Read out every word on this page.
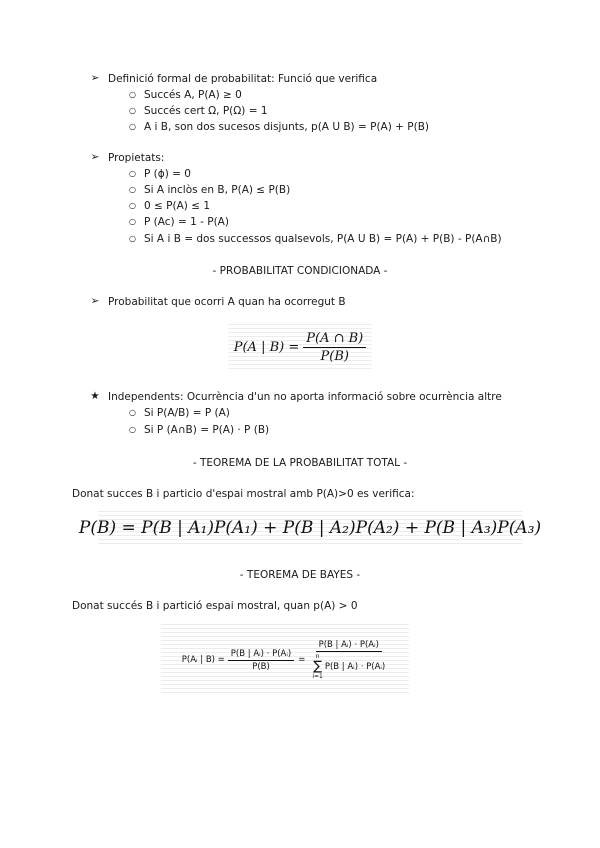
➢ Definició formal de probabilitat: Funció que verifica
○ Succés A, P(A) ≥ 0
○ Succés cert Ω, P(Ω) = 1
○ A i B, son dos sucesos disjunts, p(A U B) = P(A) + P(B)
➢ Propietats:
○ P (ϕ) = 0
○ Si A inclòs en B, P(A) ≤ P(B)
○ 0 ≤ P(A) ≤ 1
○ P (Ac) = 1 - P(A)
○ Si A i B = dos successos qualsevols, P(A U B) = P(A) + P(B) - P(A∩B)
- PROBABILITAT CONDICIONADA -
➢ Probabilitat que ocorri A quan ha ocorregut B
P(A | $B) = \frac{P(A \cap B)}{P(B)}$
★ Independents: Ocurrència d'un no aporta informació sobre ocurrència altre
○ Si P(A/B) = P (A)
○ Si P (A∩B) = P(A) · P (B)
- TEOREMA DE LA PROBABILITAT TOTAL -
Donat succes B i particio d'espai mostral amb P(A)>0 es verifica:
P(B) = P(B | A₁)P(A₁) + P(B | A₂)P(A₂) + P(B | A₃)P(A₃)
- TEOREMA DE BAYES -
Donat succés B i partició espai mostral, quan p(A) > 0
P(Aᵢ | $B) = \frac{\text{P(B | Aᵢ) · P(Aᵢ)}}{P(B)} = P(B$ | Aᵢ) · P(Aᵢ)
n
∑
i=1
P(B | Aᵢ) · P(Aᵢ)
